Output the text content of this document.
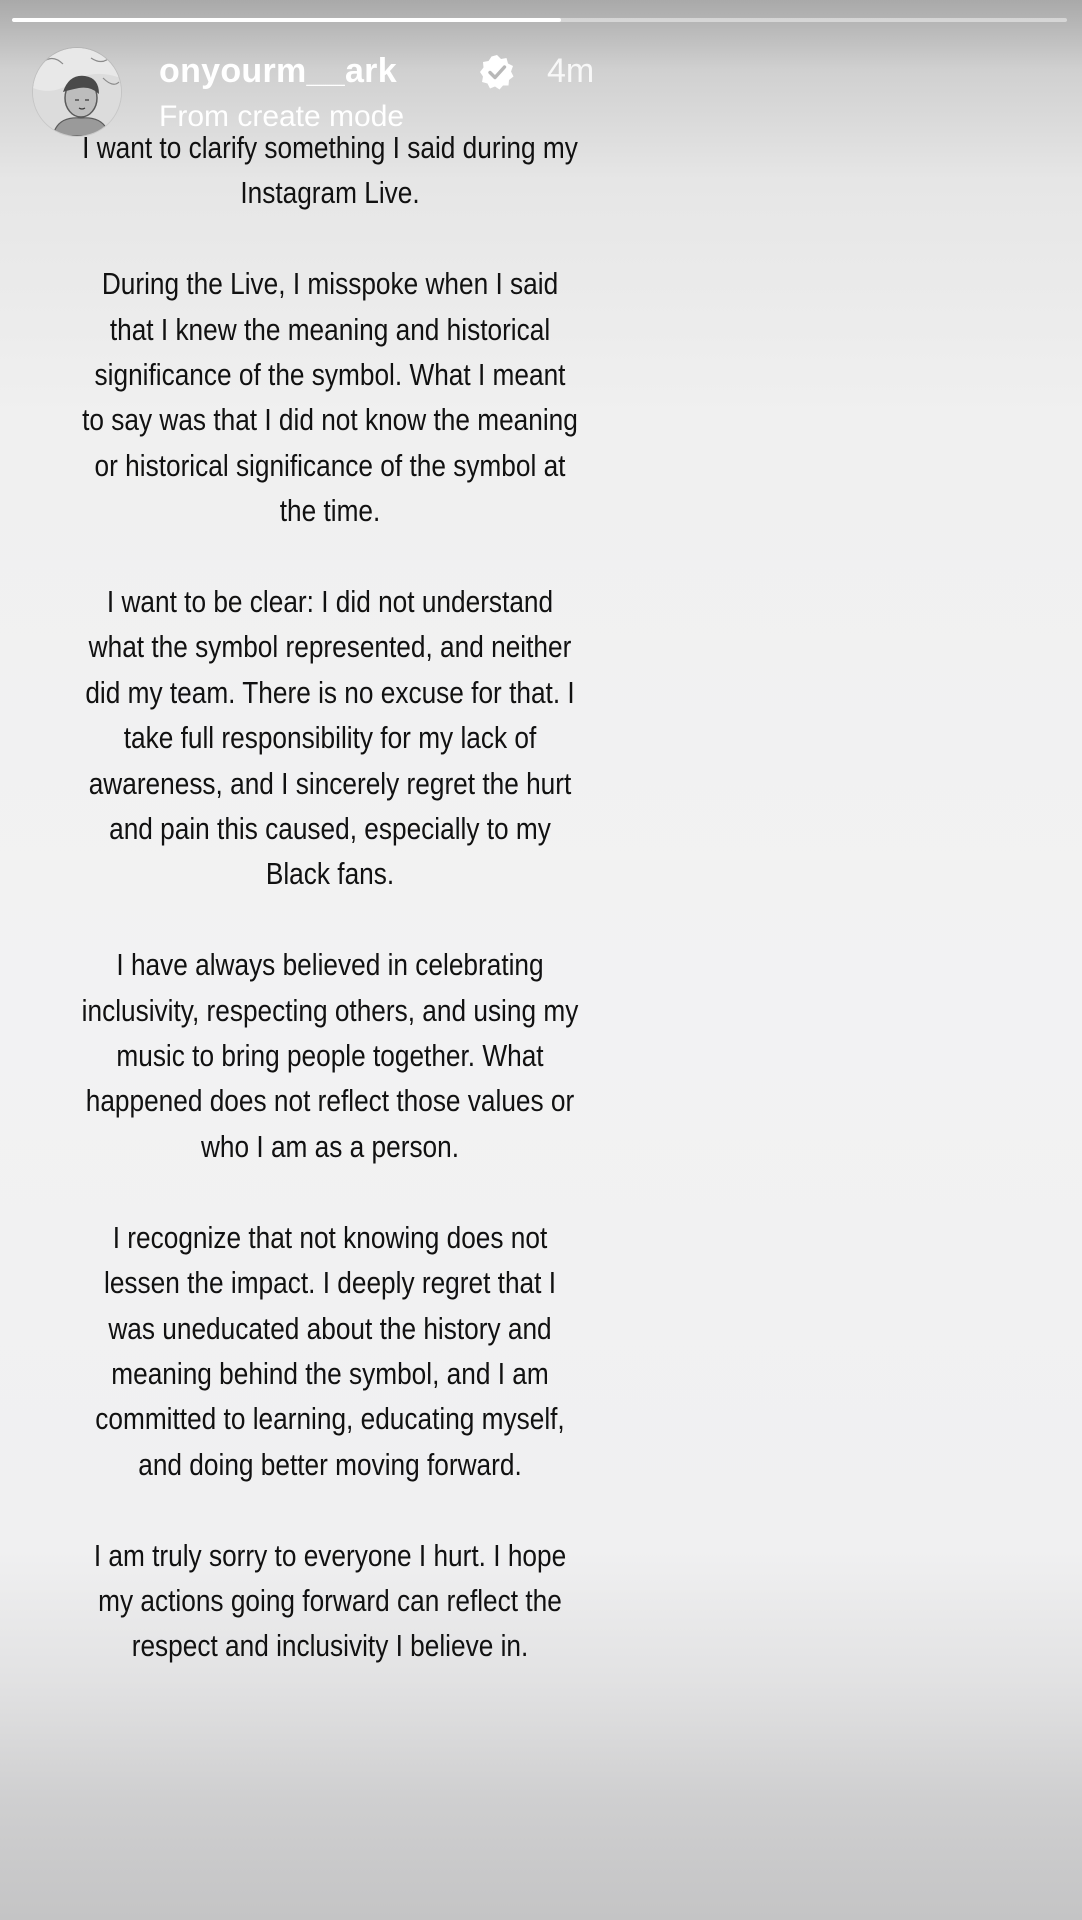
onyourm__ark	4m
From create mode

I want to clarify something I said during my Instagram Live.

During the Live, I misspoke when I said that I knew the meaning and historical significance of the symbol. What I meant to say was that I did not know the meaning or historical significance of the symbol at the time.

I want to be clear: I did not understand what the symbol represented, and neither did my team. There is no excuse for that. I take full responsibility for my lack of awareness, and I sincerely regret the hurt and pain this caused, especially to my Black fans.

I have always believed in celebrating inclusivity, respecting others, and using my music to bring people together. What happened does not reflect those values or who I am as a person.

I recognize that not knowing does not lessen the impact. I deeply regret that I was uneducated about the history and meaning behind the symbol, and I am committed to learning, educating myself, and doing better moving forward.

I am truly sorry to everyone I hurt. I hope my actions going forward can reflect the respect and inclusivity I believe in.
